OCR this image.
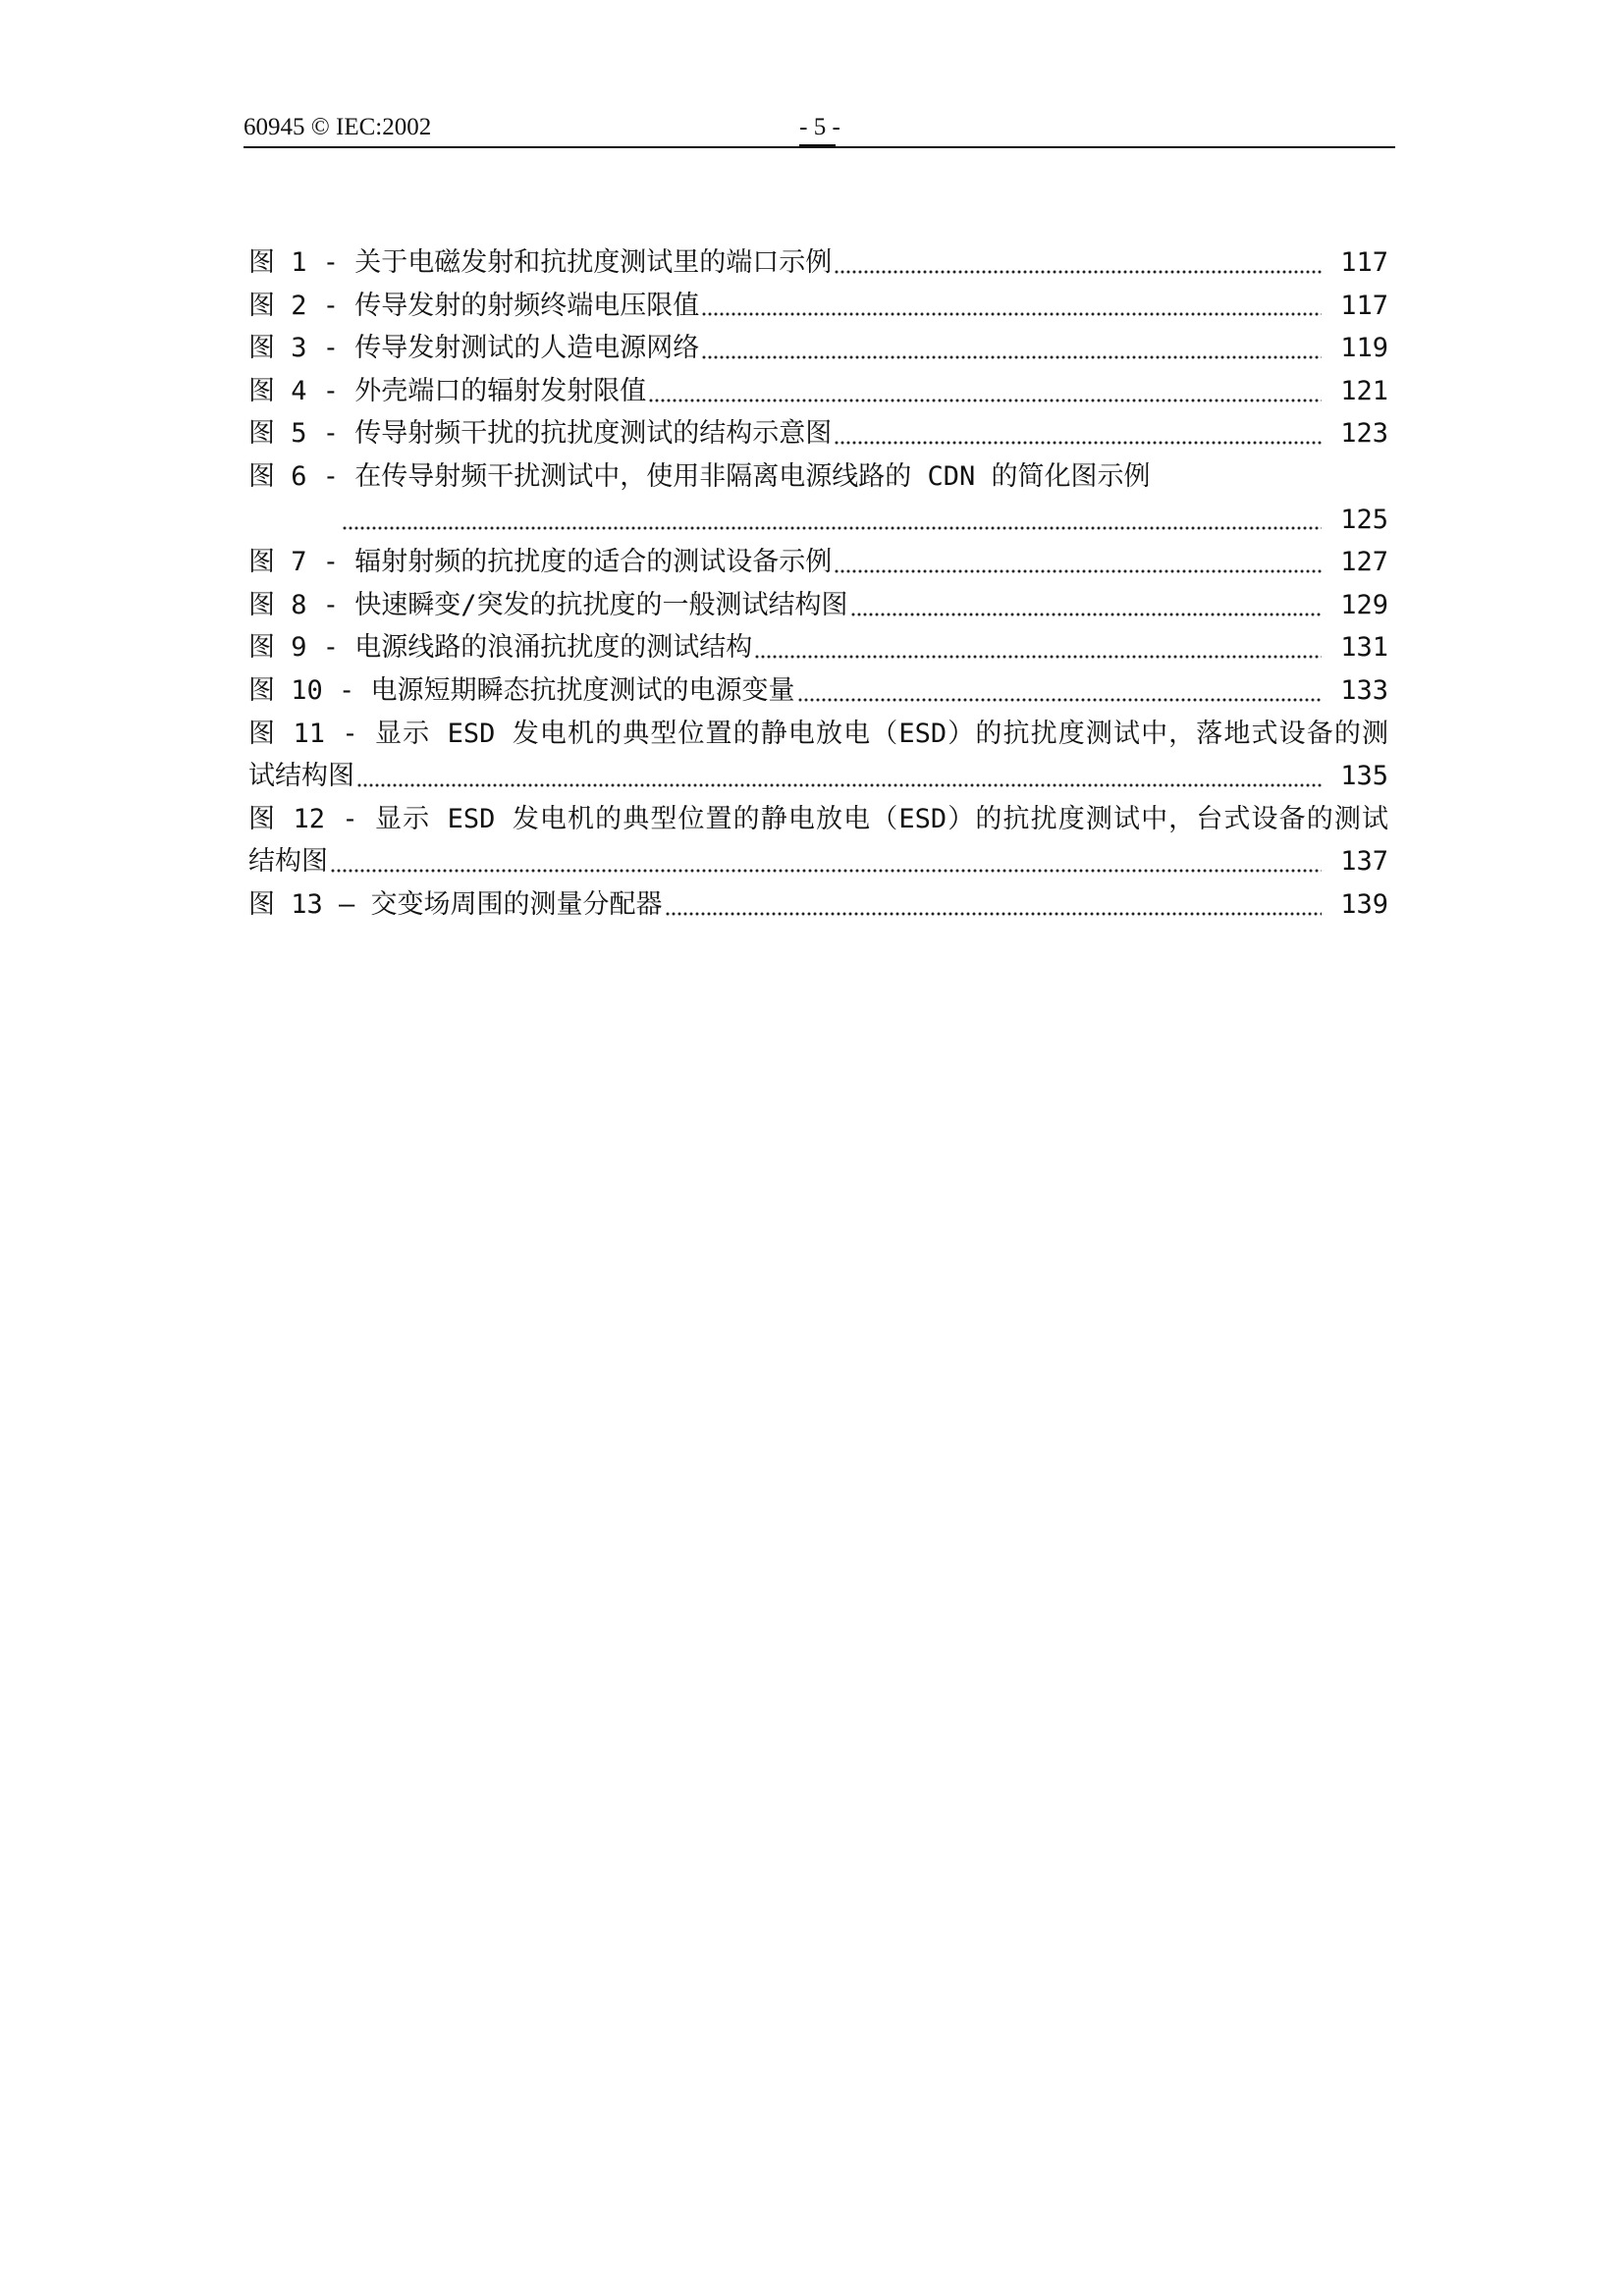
60945 © IEC:2002	- 5 -
图 1 - 关于电磁发射和抗扰度测试里的端口示例	117
图 2 - 传导发射的射频终端电压限值	117
图 3 - 传导发射测试的人造电源网络	119
图 4 - 外壳端口的辐射发射限值	121
图 5 - 传导射频干扰的抗扰度测试的结构示意图	123
图 6 - 在传导射频干扰测试中，使用非隔离电源线路的 CDN 的简化图示例
125
图 7 - 辐射射频的抗扰度的适合的测试设备示例	127
图 8 - 快速瞬变/突发的抗扰度的一般测试结构图	129
图 9 - 电源线路的浪涌抗扰度的测试结构	131
图 10 - 电源短期瞬态抗扰度测试的电源变量	133
图 11 - 显示 ESD 发电机的典型位置的静电放电（ESD）的抗扰度测试中，落地式设备的测
试结构图	135
图 12 - 显示 ESD 发电机的典型位置的静电放电（ESD）的抗扰度测试中，台式设备的测试
结构图	137
图 13 – 交变场周围的测量分配器	139
